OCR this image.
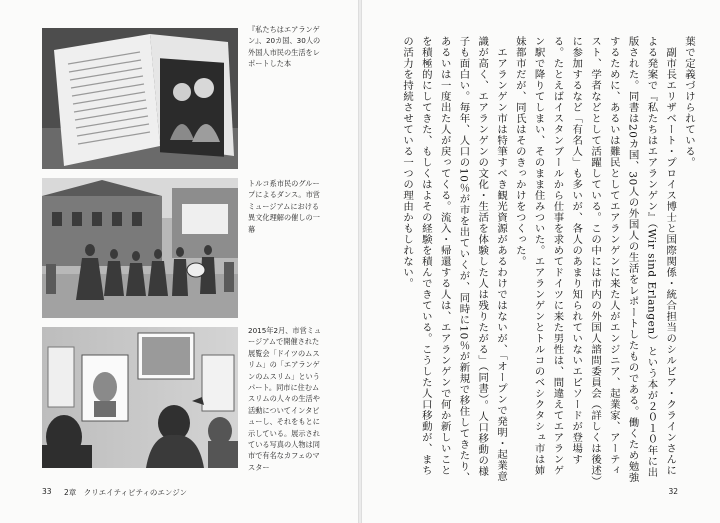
『私たちはエアランゲン』、20カ国、30人の外国人市民の生活をレポートした本
トルコ系市民のグループによるダンス。市営ミュージアムにおける異文化理解の催しの一幕
2015年2月、市営ミュージアムで開催された展覧会「ドイツのムスリム」の「エアランゲンのムスリム」というパート。同市に住むムスリムの人々の生活や活動についてインタビューし、それをもとに示している。展示されている写真の人物は同市で有名なカフェのマスター
33 2章　クリエイティビティのエンジン

葉で定義づけられている。

　副市長エリザベート・プロイス博士と国際関係・統合担当のシルビア・クラインさんによる発案で『私たちはエアランゲン』（Wir sind Erlangen）という本が２０１０年に出版された。同書は20カ国、30人の外国人の生活をレポートしたものである。働くため勉強するために、あるいは難民としてエアランゲンに来た人がエンジニア、起業家、アーティスト、学者などとして活躍している。この中には市内の外国人諮問委員会（詳しくは後述）に参加するなど「有名人」も多いが、各人のあまり知られていないエピソードが登場する。たとえばイスタンブールから仕事を求めてドイツに来た男性は、間違えてエアランゲン駅で降りてしまい、そのまま住みついた。エアランゲンとトルコのベシクタシュ市は姉妹都市だが、同氏はそのきっかけをつくった。

　エアランゲン市は特筆すべき観光資源があるわけではないが、「オープンで発明・起業意識が高く、エアランゲンの文化・生活を体験した人は残りたがる」（同書）。人口移動の様子も面白い。毎年、人口の10％が市を出ていくが、同時に10％が新規で移住してきたり、あるいは一度出た人が戻ってくる。流入・帰還する人は、エアランゲンで何か新しいことを積極的にしてきた、もしくはよその経験を積んできている。こうした人口移動が、まちの活力を持続させている一つの理由かもしれない。

32
